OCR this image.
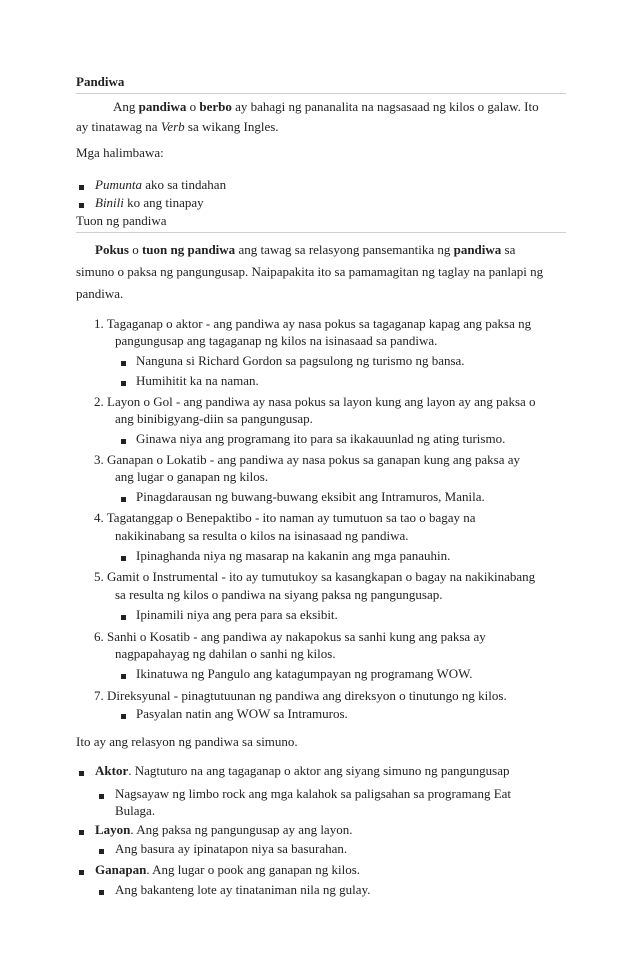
Pandiwa
Ang pandiwa o berbo ay bahagi ng pananalita na nagsasaad ng kilos o galaw. Ito
ay tinatawag na Verb sa wikang Ingles.
Mga halimbawa:
Pumunta ako sa tindahan
Binili ko ang tinapay
Tuon ng pandiwa
Pokus o tuon ng pandiwa ang tawag sa relasyong pansemantika ng pandiwa sa
simuno o paksa ng pangungusap. Naipapakita ito sa pamamagitan ng taglay na panlapi ng
pandiwa.
1. Tagaganap o aktor - ang pandiwa ay nasa pokus sa tagaganap kapag ang paksa ng
pangungusap ang tagaganap ng kilos na isinasaad sa pandiwa.
Nanguna si Richard Gordon sa pagsulong ng turismo ng bansa.
Humihitit ka na naman.
2. Layon o Gol - ang pandiwa ay nasa pokus sa layon kung ang layon ay ang paksa o
ang binibigyang-diin sa pangungusap.
Ginawa niya ang programang ito para sa ikakauunlad ng ating turismo.
3. Ganapan o Lokatib - ang pandiwa ay nasa pokus sa ganapan kung ang paksa ay
ang lugar o ganapan ng kilos.
Pinagdarausan ng buwang-buwang eksibit ang Intramuros, Manila.
4. Tagatanggap o Benepaktibo - ito naman ay tumutuon sa tao o bagay na
nakikinabang sa resulta o kilos na isinasaad ng pandiwa.
Ipinaghanda niya ng masarap na kakanin ang mga panauhin.
5. Gamit o Instrumental - ito ay tumutukoy sa kasangkapan o bagay na nakikinabang
sa resulta ng kilos o pandiwa na siyang paksa ng pangungusap.
Ipinamili niya ang pera para sa eksibit.
6. Sanhi o Kosatib - ang pandiwa ay nakapokus sa sanhi kung ang paksa ay
nagpapahayag ng dahilan o sanhi ng kilos.
Ikinatuwa ng Pangulo ang katagumpayan ng programang WOW.
7. Direksyunal - pinagtutuunan ng pandiwa ang direksyon o tinutungo ng kilos.
Pasyalan natin ang WOW sa Intramuros.
Ito ay ang relasyon ng pandiwa sa simuno.
Aktor. Nagtuturo na ang tagaganap o aktor ang siyang simuno ng pangungusap
Nagsayaw ng limbo rock ang mga kalahok sa paligsahan sa programang Eat
Bulaga.
Layon. Ang paksa ng pangungusap ay ang layon.
Ang basura ay ipinatapon niya sa basurahan.
Ganapan. Ang lugar o pook ang ganapan ng kilos.
Ang bakanteng lote ay tinataniman nila ng gulay.
